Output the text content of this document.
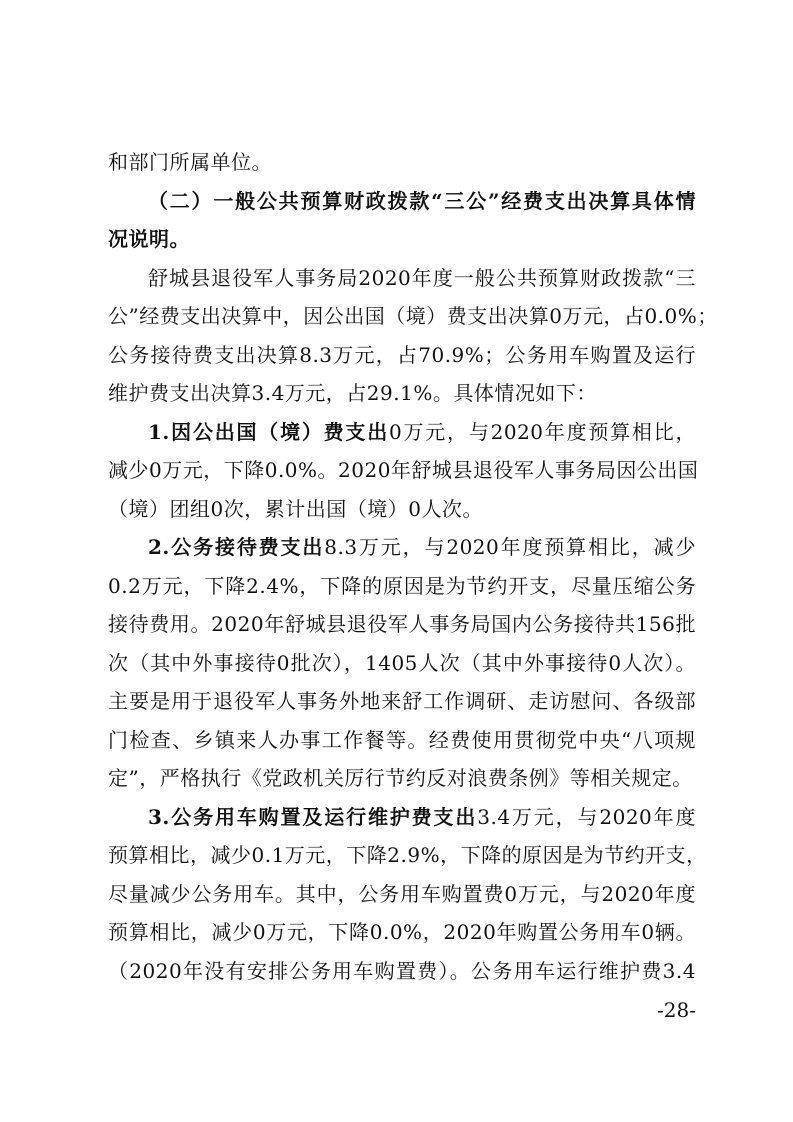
和部门所属单位。
（二）一般公共预算财政拨款“三公”经费支出决算具体情
况说明。
舒城县退役军人事务局2020年度一般公共预算财政拨款“三
公”经费支出决算中，因公出国（境）费支出决算0万元，占0.0%；
公务接待费支出决算8.3万元，占70.9%；公务用车购置及运行
维护费支出决算3.4万元，占29.1%。具体情况如下：
1.因公出国（境）费支出0万元，与2020年度预算相比，
减少0万元，下降0.0%。2020年舒城县退役军人事务局因公出国
（境）团组0次，累计出国（境）0人次。
2.公务接待费支出8.3万元，与2020年度预算相比，减少
0.2万元，下降2.4%，下降的原因是为节约开支，尽量压缩公务
接待费用。2020年舒城县退役军人事务局国内公务接待共156批
次（其中外事接待0批次），1405人次（其中外事接待0人次）。
主要是用于退役军人事务外地来舒工作调研、走访慰问、各级部
门检查、乡镇来人办事工作餐等。经费使用贯彻党中央“八项规
定”，严格执行《党政机关厉行节约反对浪费条例》等相关规定。
3.公务用车购置及运行维护费支出3.4万元，与2020年度
预算相比，减少0.1万元，下降2.9%，下降的原因是为节约开支，
尽量减少公务用车。其中，公务用车购置费0万元，与2020年度
预算相比，减少0万元，下降0.0%，2020年购置公务用车0辆。
（2020年没有安排公务用车购置费）。公务用车运行维护费3.4
-28-
